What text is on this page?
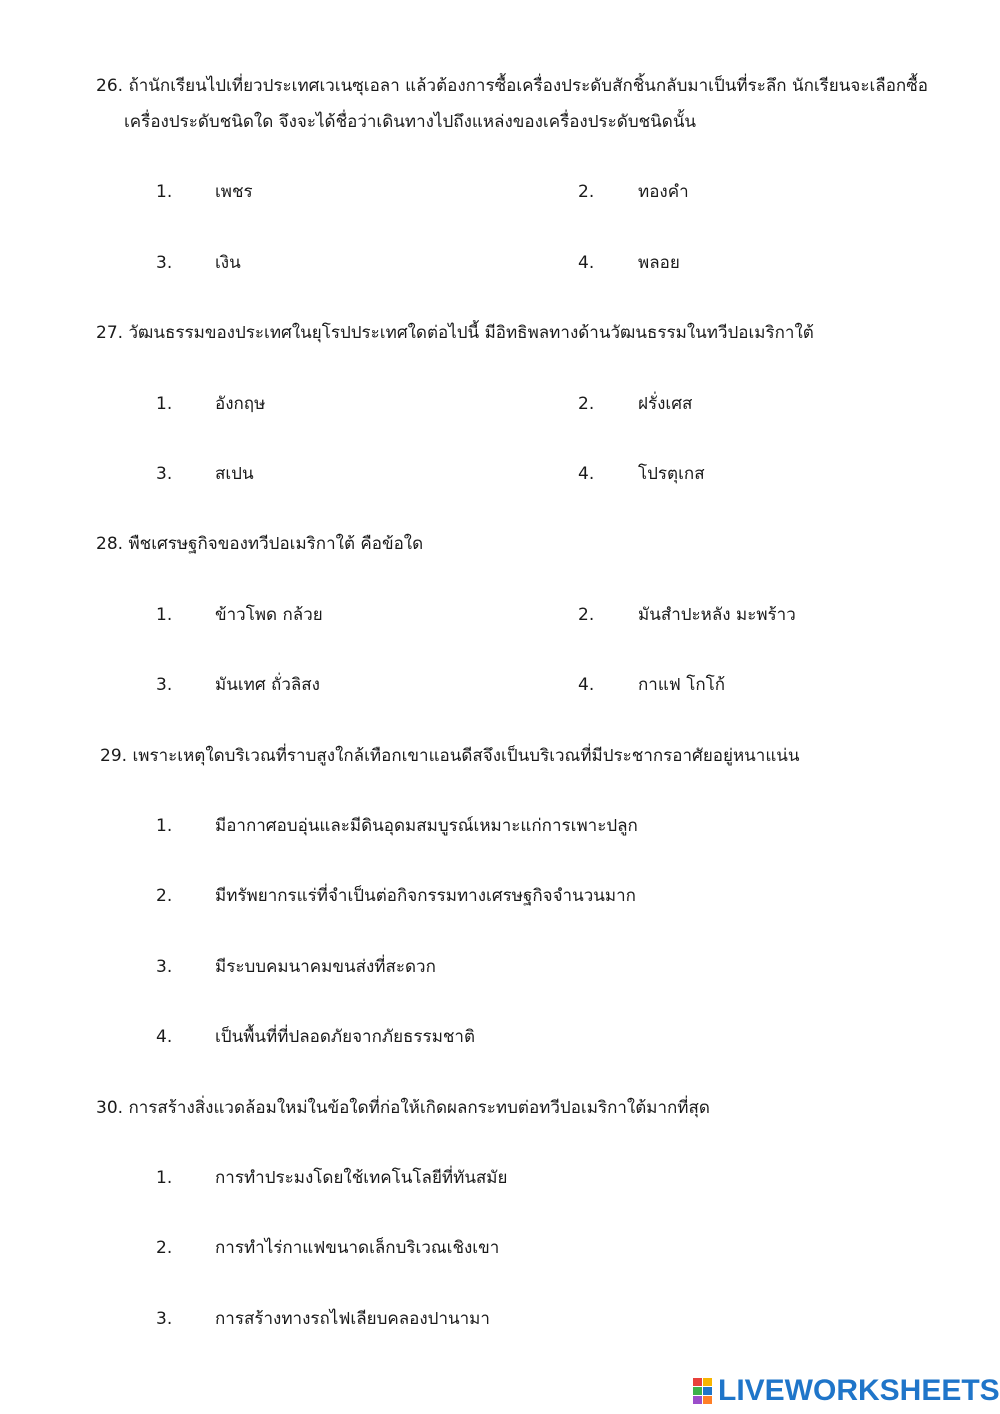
26. ถ้านักเรียนไปเที่ยวประเทศเวเนซุเอลา แล้วต้องการซื้อเครื่องประดับสักชิ้นกลับมาเป็นที่ระลึก นักเรียนจะเลือกซื้อ
เครื่องประดับชนิดใด จึงจะได้ชื่อว่าเดินทางไปถึงแหล่งของเครื่องประดับชนิดนั้น
1.	เพชร	2.	ทองคำ
3.	เงิน	4.	พลอย
27. วัฒนธรรมของประเทศในยุโรปประเทศใดต่อไปนี้ มีอิทธิพลทางด้านวัฒนธรรมในทวีปอเมริกาใต้
1.	อังกฤษ	2.	ฝรั่งเศส
3.	สเปน	4.	โปรตุเกส
28. พืชเศรษฐกิจของทวีปอเมริกาใต้ คือข้อใด
1.	ข้าวโพด กล้วย	2.	มันสำปะหลัง มะพร้าว
3.	มันเทศ ถั่วลิสง	4.	กาแฟ โกโก้
29. เพราะเหตุใดบริเวณที่ราบสูงใกล้เทือกเขาแอนดีสจึงเป็นบริเวณที่มีประชากรอาศัยอยู่หนาแน่น
1.	มีอากาศอบอุ่นและมีดินอุดมสมบูรณ์เหมาะแก่การเพาะปลูก
2.	มีทรัพยากรแร่ที่จำเป็นต่อกิจกรรมทางเศรษฐกิจจำนวนมาก
3.	มีระบบคมนาคมขนส่งที่สะดวก
4.	เป็นพื้นที่ที่ปลอดภัยจากภัยธรรมชาติ
30. การสร้างสิ่งแวดล้อมใหม่ในข้อใดที่ก่อให้เกิดผลกระทบต่อทวีปอเมริกาใต้มากที่สุด
1.	การทำประมงโดยใช้เทคโนโลยีที่ทันสมัย
2.	การทำไร่กาแฟขนาดเล็กบริเวณเชิงเขา
3.	การสร้างทางรถไฟเลียบคลองปานามา
LIVEWORKSHEETS
